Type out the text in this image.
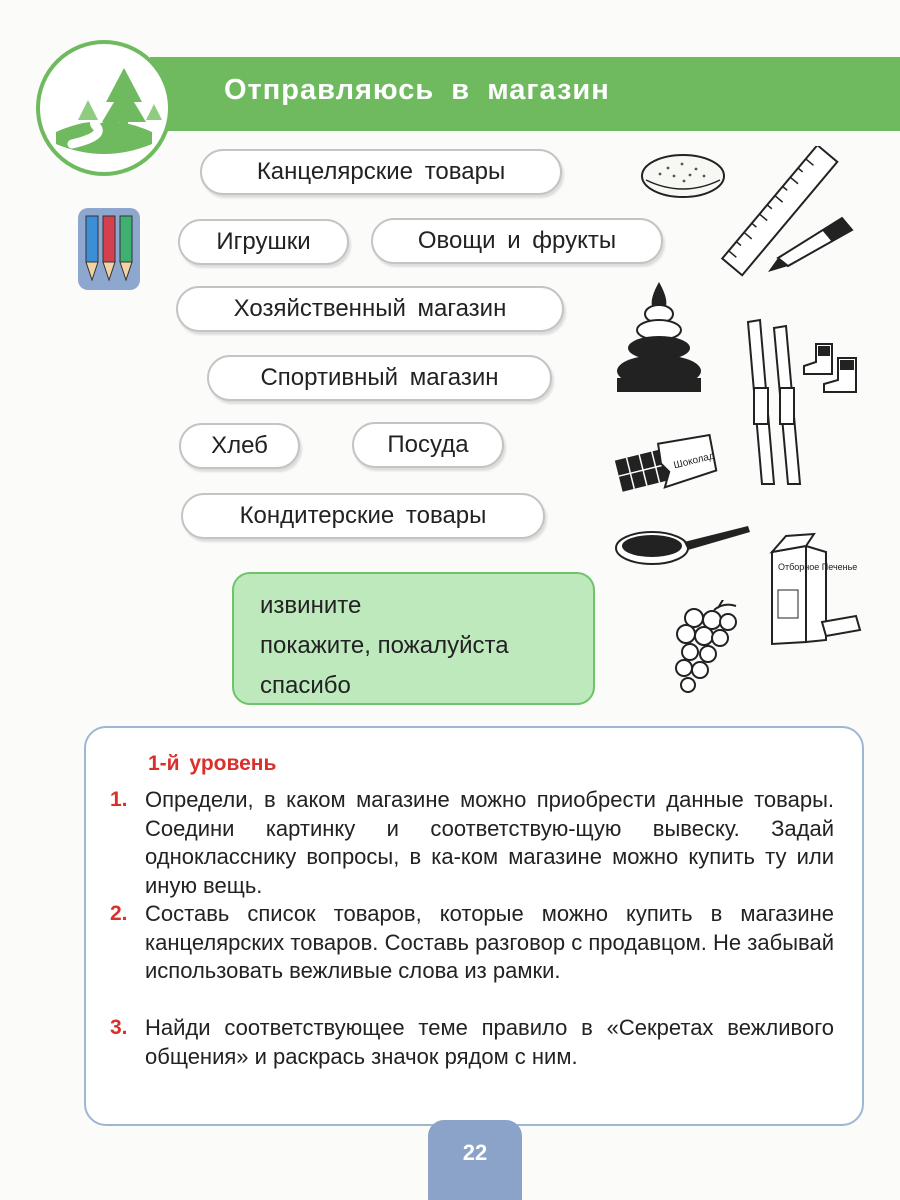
Отправляюсь в магазин
Канцелярские товары
Игрушки	Овощи и фрукты
Хозяйственный магазин
Спортивный магазин
Хлеб	Посуда
Кондитерские товары
извините
покажите, пожалуйста
спасибо
Шоколад
Отборное Печенье
1-й уровень
1. Определи, в каком магазине можно приобрести данные товары. Соедини картинку и соответствую-щую вывеску. Задай однокласснику вопросы, в ка-ком магазине можно купить ту или иную вещь.
2. Составь список товаров, которые можно купить в магазине канцелярских товаров. Составь разговор с продавцом. Не забывай использовать вежливые слова из рамки.
3. Найди соответствующее теме правило в «Секретах вежливого общения» и раскрась значок рядом с ним.
22
